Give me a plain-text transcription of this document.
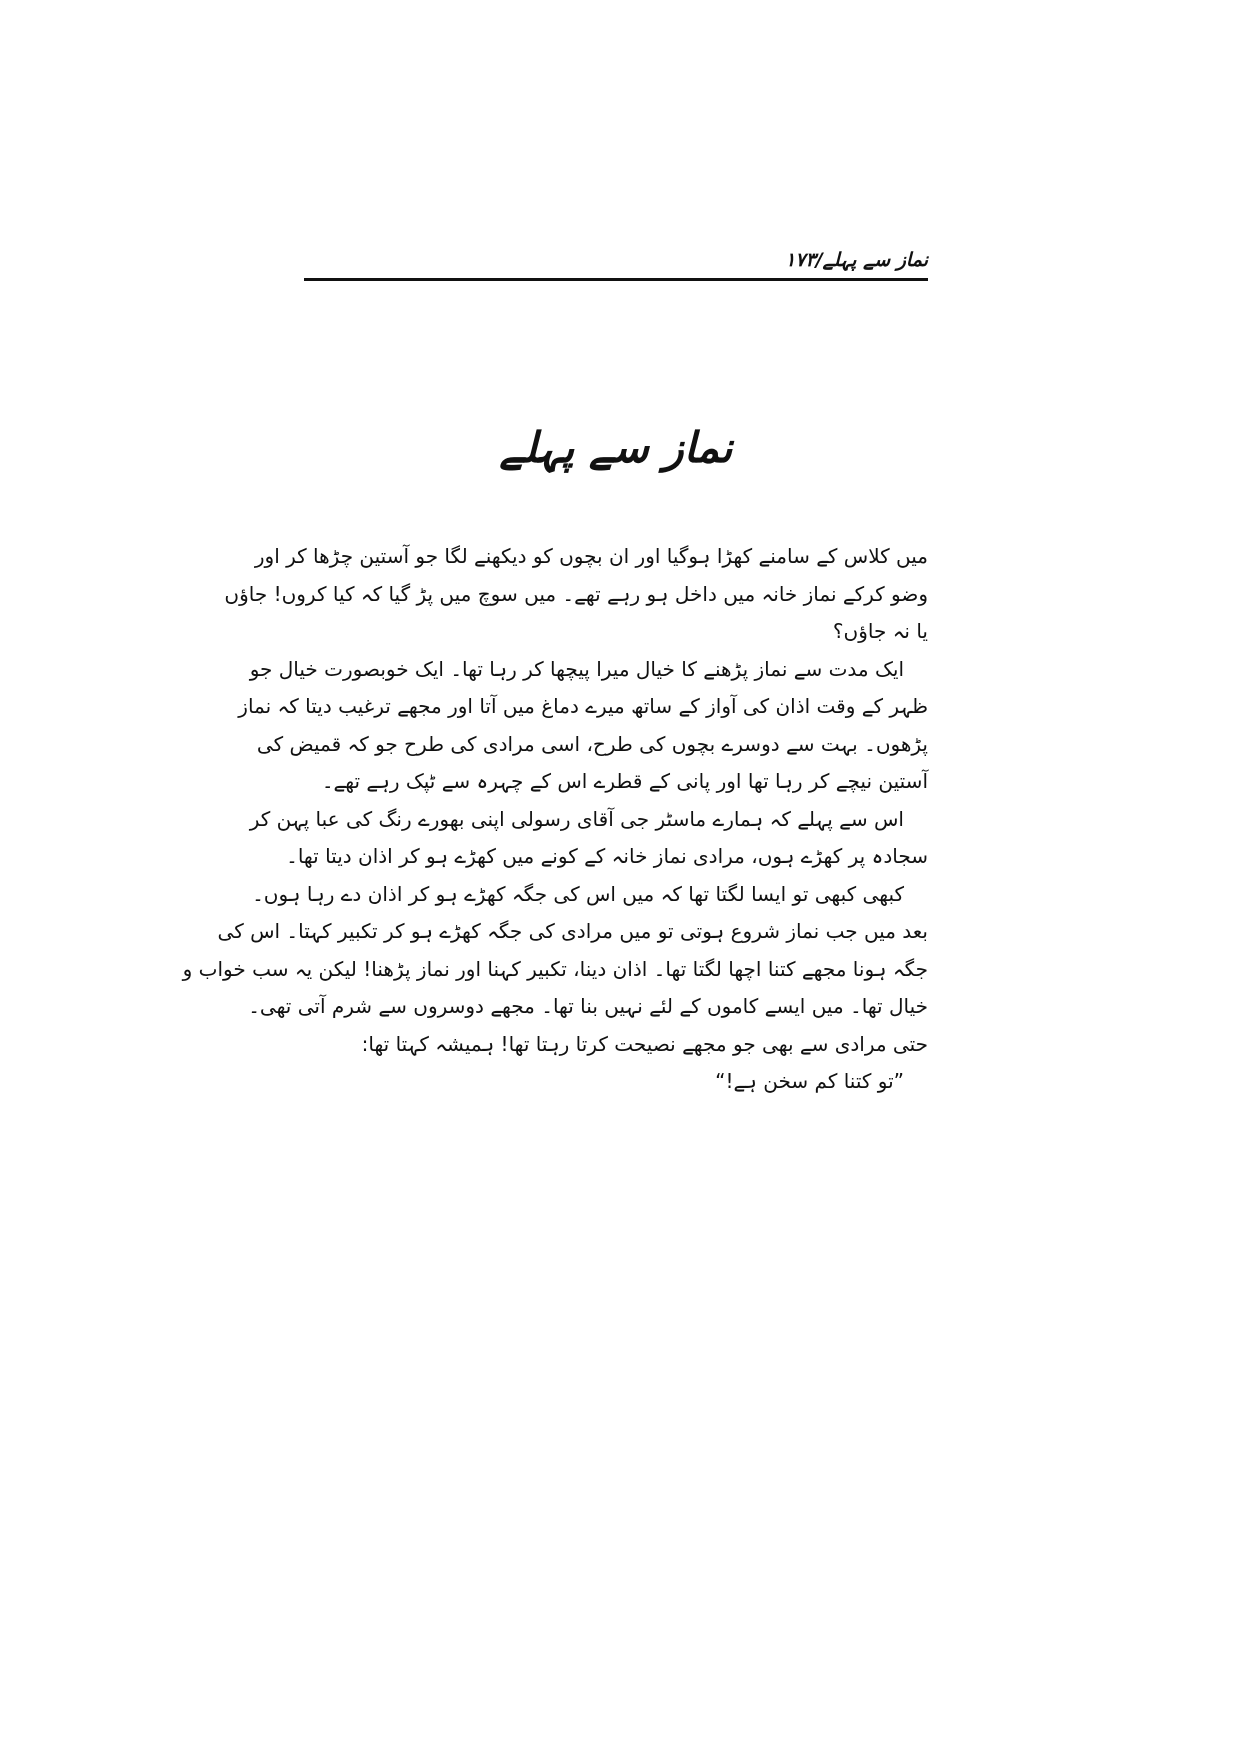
نماز سے پہلے/۱۷۳
نماز سے پہلے
میں کلاس کے سامنے کھڑا ہوگیا اور ان بچوں کو دیکھنے لگا جو آستین چڑھا کر اور
وضو کرکے نماز خانہ میں داخل ہو رہے تھے۔ میں سوچ میں پڑ گیا کہ کیا کروں! جاؤں
یا نہ جاؤں؟
ایک مدت سے نماز پڑھنے کا خیال میرا پیچھا کر رہا تھا۔ ایک خوبصورت خیال جو
ظہر کے وقت اذان کی آواز کے ساتھ میرے دماغ میں آتا اور مجھے ترغیب دیتا کہ نماز
پڑھوں۔ بہت سے دوسرے بچوں کی طرح، اسی مرادی کی طرح جو کہ قمیض کی
آستین نیچے کر رہا تھا اور پانی کے قطرے اس کے چہرہ سے ٹپک رہے تھے۔
اس سے پہلے کہ ہمارے ماسٹر جی آقای رسولی اپنی بھورے رنگ کی عبا پہن کر
سجادہ پر کھڑے ہوں، مرادی نماز خانہ کے کونے میں کھڑے ہو کر اذان دیتا تھا۔
کبھی کبھی تو ایسا لگتا تھا کہ میں اس کی جگہ کھڑے ہو کر اذان دے رہا ہوں۔
بعد میں جب نماز شروع ہوتی تو میں مرادی کی جگہ کھڑے ہو کر تکبیر کہتا۔ اس کی
جگہ ہونا مجھے کتنا اچھا لگتا تھا۔ اذان دینا، تکبیر کہنا اور نماز پڑھنا! لیکن یہ سب خواب و
خیال تھا۔ میں ایسے کاموں کے لئے نہیں بنا تھا۔ مجھے دوسروں سے شرم آتی تھی۔
حتی مرادی سے بھی جو مجھے نصیحت کرتا رہتا تھا! ہمیشہ کہتا تھا:
”تو کتنا کم سخن ہے!“
